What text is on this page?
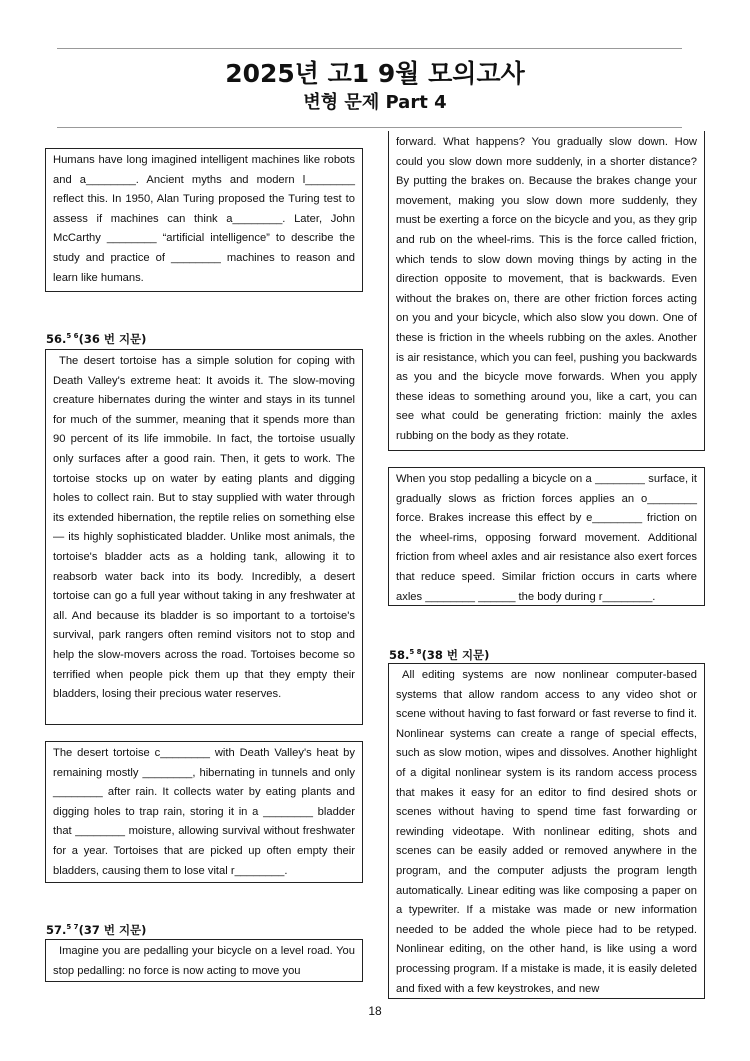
2025년 고1 9월 모의고사
변형 문제 Part 4
Humans have long imagined intelligent machines like robots and a________. Ancient myths and modern l________ reflect this. In 1950, Alan Turing proposed the Turing test to assess if machines can think a________. Later, John McCarthy ________ “artificial intelligence” to describe the study and practice of ________ machines to reason and learn like humans.
56.$^{5 6}$(36 번 지문)
The desert tortoise has a simple solution for coping with Death Valley's extreme heat: It avoids it. The slow-moving creature hibernates during the winter and stays in its tunnel for much of the summer, meaning that it spends more than 90 percent of its life immobile. In fact, the tortoise usually only surfaces after a good rain. Then, it gets to work. The tortoise stocks up on water by eating plants and digging holes to collect rain. But to stay supplied with water through its extended hibernation, the reptile relies on something else — its highly sophisticated bladder. Unlike most animals, the tortoise's bladder acts as a holding tank, allowing it to reabsorb water back into its body. Incredibly, a desert tortoise can go a full year without taking in any freshwater at all. And because its bladder is so important to a tortoise's survival, park rangers often remind visitors not to stop and help the slow-movers across the road. Tortoises become so terrified when people pick them up that they empty their bladders, losing their precious water reserves.
The desert tortoise c________ with Death Valley's heat by remaining mostly ________, hibernating in tunnels and only ________ after rain. It collects water by eating plants and digging holes to trap rain, storing it in a ________ bladder that ________ moisture, allowing survival without freshwater for a year. Tortoises that are picked up often empty their bladders, causing them to lose vital r________.
57.$^{5 7}$(37 번 지문)
Imagine you are pedalling your bicycle on a level road. You stop pedalling: no force is now acting to move you
forward. What happens? You gradually slow down. How could you slow down more suddenly, in a shorter distance? By putting the brakes on. Because the brakes change your movement, making you slow down more suddenly, they must be exerting a force on the bicycle and you, as they grip and rub on the wheel-rims. This is the force called friction, which tends to slow down moving things by acting in the direction opposite to movement, that is backwards. Even without the brakes on, there are other friction forces acting on you and your bicycle, which also slow you down. One of these is friction in the wheels rubbing on the axles. Another is air resistance, which you can feel, pushing you backwards as you and the bicycle move forwards. When you apply these ideas to something around you, like a cart, you can see what could be generating friction: mainly the axles rubbing on the body as they rotate.
When you stop pedalling a bicycle on a ________ surface, it gradually slows as friction forces applies an o________ force. Brakes increase this effect by e________ friction on the wheel-rims, opposing forward movement. Additional friction from wheel axles and air resistance also exert forces that reduce speed. Similar friction occurs in carts where axles ________ ______ the body during r________.
58.$^{5 8}$(38 번 지문)
All editing systems are now nonlinear computer-based systems that allow random access to any video shot or scene without having to fast forward or fast reverse to find it. Nonlinear systems can create a range of special effects, such as slow motion, wipes and dissolves. Another highlight of a digital nonlinear system is its random access process that makes it easy for an editor to find desired shots or scenes without having to spend time fast forwarding or rewinding videotape. With nonlinear editing, shots and scenes can be easily added or removed anywhere in the program, and the computer adjusts the program length automatically. Linear editing was like composing a paper on a typewriter. If a mistake was made or new information needed to be added the whole piece had to be retyped. Nonlinear editing, on the other hand, is like using a word processing program. If a mistake is made, it is easily deleted and fixed with a few keystrokes, and new
18
